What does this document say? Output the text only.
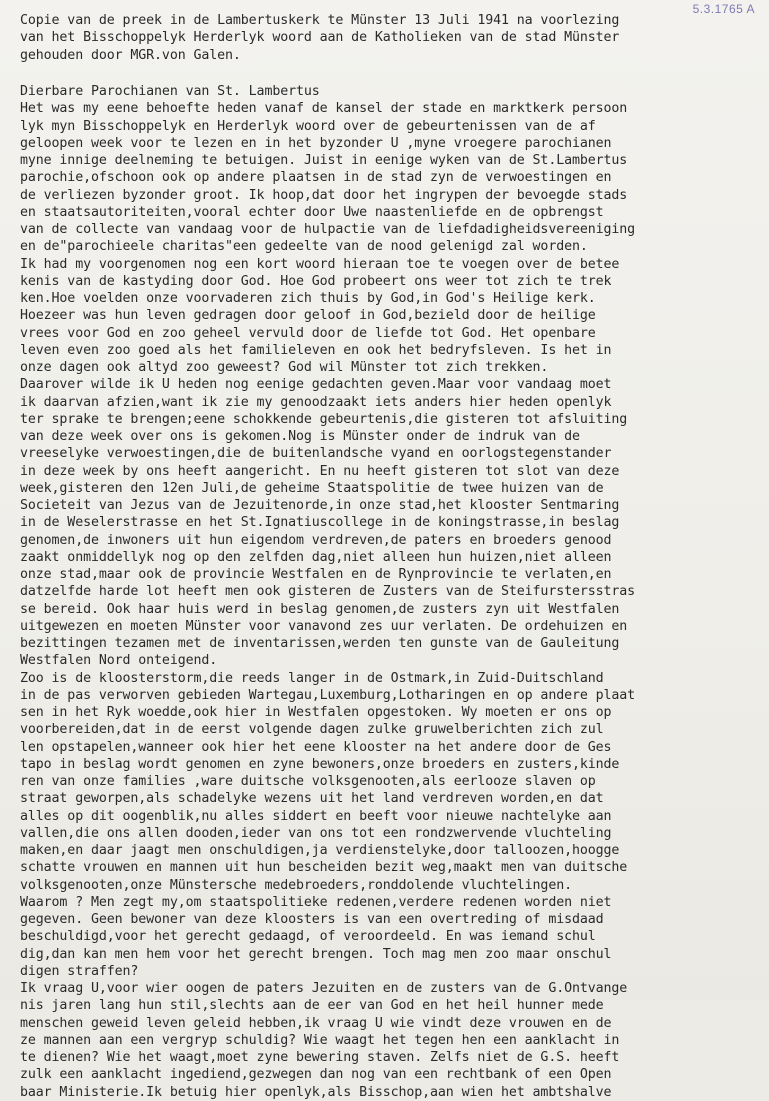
5.3.1765 A
Copie van de preek in de Lambertuskerk te Münster 13 Juli 1941 na voorlezing
van het Bisschoppelyk Herderlyk woord aan de Katholieken van de stad Münster
gehouden door MGR.von Galen.
Dierbare Parochianen van St. Lambertus
Het was my eene behoefte heden vanaf de kansel der stade en marktkerk persoon
lyk myn Bisschoppelyk en Herderlyk woord over de gebeurtenissen van de af
geloopen week voor te lezen en in het byzonder U ,myne vroegere parochianen
myne innige deelneming te betuigen. Juist in eenige wyken van de St.Lambertus
parochie,ofschoon ook op andere plaatsen in de stad zyn de verwoestingen en
de verliezen byzonder groot. Ik hoop,dat door het ingrypen der bevoegde stads
en staatsautoriteiten,vooral echter door Uwe naastenliefde en de opbrengst
van de collecte van vandaag voor de hulpactie van de liefdadigheidsvereeniging
en de"parochieele charitas"een gedeelte van de nood gelenigd zal worden.
Ik had my voorgenomen nog een kort woord hieraan toe te voegen over de betee
kenis van de kastyding door God. Hoe God probeert ons weer tot zich te trek
ken.Hoe voelden onze voorvaderen zich thuis by God,in God's Heilige kerk.
Hoezeer was hun leven gedragen door geloof in God,bezield door de heilige
vrees voor God en zoo geheel vervuld door de liefde tot God. Het openbare
leven even zoo goed als het familieleven en ook het bedryfsleven. Is het in
onze dagen ook altyd zoo geweest? God wil Münster tot zich trekken.
Daarover wilde ik U heden nog eenige gedachten geven.Maar voor vandaag moet
ik daarvan afzien,want ik zie my genoodzaakt iets anders hier heden openlyk
ter sprake te brengen;eene schokkende gebeurtenis,die gisteren tot afsluiting
van deze week over ons is gekomen.Nog is Münster onder de indruk van de
vreeselyke verwoestingen,die de buitenlandsche vyand en oorlogstegenstander
in deze week by ons heeft aangericht. En nu heeft gisteren tot slot van deze
week,gisteren den 12en Juli,de geheime Staatspolitie de twee huizen van de
Societeit van Jezus van de Jezuitenorde,in onze stad,het klooster Sentmaring
in de Weselerstrasse en het St.Ignatiuscollege in de koningstrasse,in beslag
genomen,de inwoners uit hun eigendom verdreven,de paters en broeders genood
zaakt onmiddellyk nog op den zelfden dag,niet alleen hun huizen,niet alleen
onze stad,maar ook de provincie Westfalen en de Rynprovincie te verlaten,en
datzelfde harde lot heeft men ook gisteren de Zusters van de Steifurstersstras
se bereid. Ook haar huis werd in beslag genomen,de zusters zyn uit Westfalen
uitgewezen en moeten Münster voor vanavond zes uur verlaten. De ordehuizen en
bezittingen tezamen met de inventarissen,werden ten gunste van de Gauleitung
Westfalen Nord onteigend.
Zoo is de kloosterstorm,die reeds langer in de Ostmark,in Zuid-Duitschland
in de pas verworven gebieden Wartegau,Luxemburg,Lotharingen en op andere plaat
sen in het Ryk woedde,ook hier in Westfalen opgestoken. Wy moeten er ons op
voorbereiden,dat in de eerst volgende dagen zulke gruwelberichten zich zul
len opstapelen,wanneer ook hier het eene klooster na het andere door de Ges
tapo in beslag wordt genomen en zyne bewoners,onze broeders en zusters,kinde
ren van onze families ,ware duitsche volksgenooten,als eerlooze slaven op
straat geworpen,als schadelyke wezens uit het land verdreven worden,en dat
alles op dit oogenblik,nu alles siddert en beeft voor nieuwe nachtelyke aan
vallen,die ons allen dooden,ieder van ons tot een rondzwervende vluchteling
maken,en daar jaagt men onschuldigen,ja verdienstelyke,door talloozen,hoogge
schatte vrouwen en mannen uit hun bescheiden bezit weg,maakt men van duitsche
volksgenooten,onze Münstersche medebroeders,ronddolende vluchtelingen.
Waarom ? Men zegt my,om staatspolitieke redenen,verdere redenen worden niet
gegeven. Geen bewoner van deze kloosters is van een overtreding of misdaad
beschuldigd,voor het gerecht gedaagd, of veroordeeld. En was iemand schul
dig,dan kan men hem voor het gerecht brengen. Toch mag men zoo maar onschul
digen straffen?
Ik vraag U,voor wier oogen de paters Jezuiten en de zusters van de G.Ontvange
nis jaren lang hun stil,slechts aan de eer van God en het heil hunner mede
menschen geweid leven geleid hebben,ik vraag U wie vindt deze vrouwen en de
ze mannen aan een vergryp schuldig? Wie waagt het tegen hen een aanklacht in
te dienen? Wie het waagt,moet zyne bewering staven. Zelfs niet de G.S. heeft
zulk een aanklacht ingediend,gezwegen dan nog van een rechtbank of een Open
baar Ministerie.Ik betuig hier openlyk,als Bisschop,aan wien het ambtshalve
